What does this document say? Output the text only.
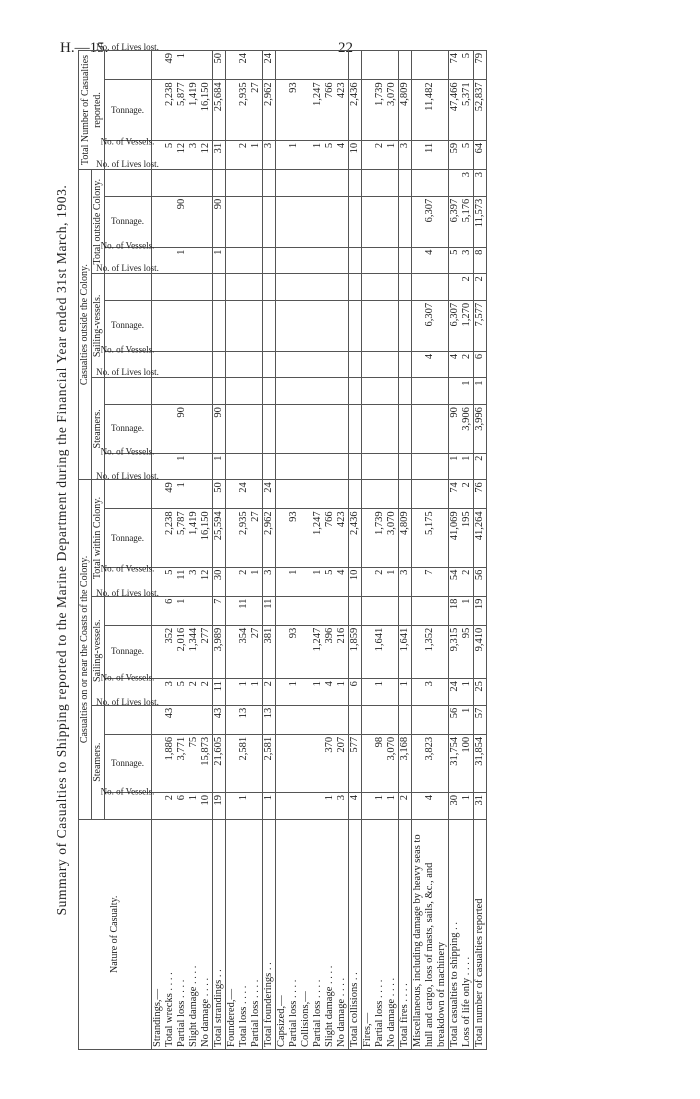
H.—15.	22
Summary of Casualties to Shipping reported to the Marine Department during the Financial Year ended 31st March, 1903.
Nature of Casualty.	Casualties on or near the Coasts of the Colony.									Casualties outside the Colony.									Total Number of Casualties reported.		
	Steamers.			Sailing-vessels.			Total within Colony.			Steamers.			Sailing-vessels.			Total outside Colony.					
	No. of Vessels.	Tonnage.	No. of Lives lost.	No. of Vessels.	Tonnage.	No. of Lives lost.	No. of Vessels.	Tonnage.	No. of Lives lost.	No. of Vessels.	Tonnage.	No. of Lives lost.	No. of Vessels.	Tonnage.	No. of Lives lost.	No. of Vessels.	Tonnage.	No. of Lives lost.	No. of Vessels.	Tonnage.	No. of Lives lost.
Strandings,—																					
Total wrecks . . . .	2	1,886	43	3	352	6	5	2,238	49										5	2,238	49
Partial loss . . . .	6	3,771		5	2,016	1	11	5,787	1	1	90					1	90		12	5,877	1
Slight damage . . . .	1	75		2	1,344		3	1,419											3	1,419	
No damage . . . .	10	15,873		2	277		12	16,150											12	16,150	
Total strandings . .	19	21,605	43	11	3,989	7	30	25,594	50	1	90					1	90		31	25,684	50
Foundered,—																					
Total loss . . . .	1	2,581	13	1	354	11	2	2,935	24										2	2,935	24
Partial loss . . . .				1	27		1	27											1	27	
Total founderings . .	1	2,581	13	2	381	11	3	2,962	24										3	2,962	24
Capsized,—																					
Partial loss . . . .				1	93		1	93											1	93	
Collisions,—																					
Partial loss . . . .				1	1,247		1	1,247											1	1,247	
Slight damage . . . .	1	370		4	396		5	766											5	766	
No damage . . . .	3	207		1	216		4	423											4	423	
Total collisions . .	4	577		6	1,859		10	2,436											10	2,436	
Fires,—																					
Partial loss . . . .	1	98		1	1,641		2	1,739											2	1,739	
No damage . . . .	1	3,070					1	3,070											1	3,070	
Total fires . . . .	2	3,168		1	1,641		3	4,809											3	4,809	
Miscellaneous, including damage by heavy seas to hull and cargo, loss of masts, sails, &c., and breakdown of machinery	4	3,823		3	1,352		7	5,175					4	6,307		4	6,307		11	11,482	
Total casualties to shipping . .	30	31,754	56	24	9,315	18	54	41,069	74	1	90		4	6,307		5	6,397		59	47,466	74
Loss of life only . . . .	1	100	1	1	95	1	2	195	2	1	3,906	1	2	1,270	2	3	5,176	3	5	5,371	5
Total number of casualties reported	31	31,854	57	25	9,410	19	56	41,264	76	2	3,996	1	6	7,577	2	8	11,573	3	64	52,837	79
